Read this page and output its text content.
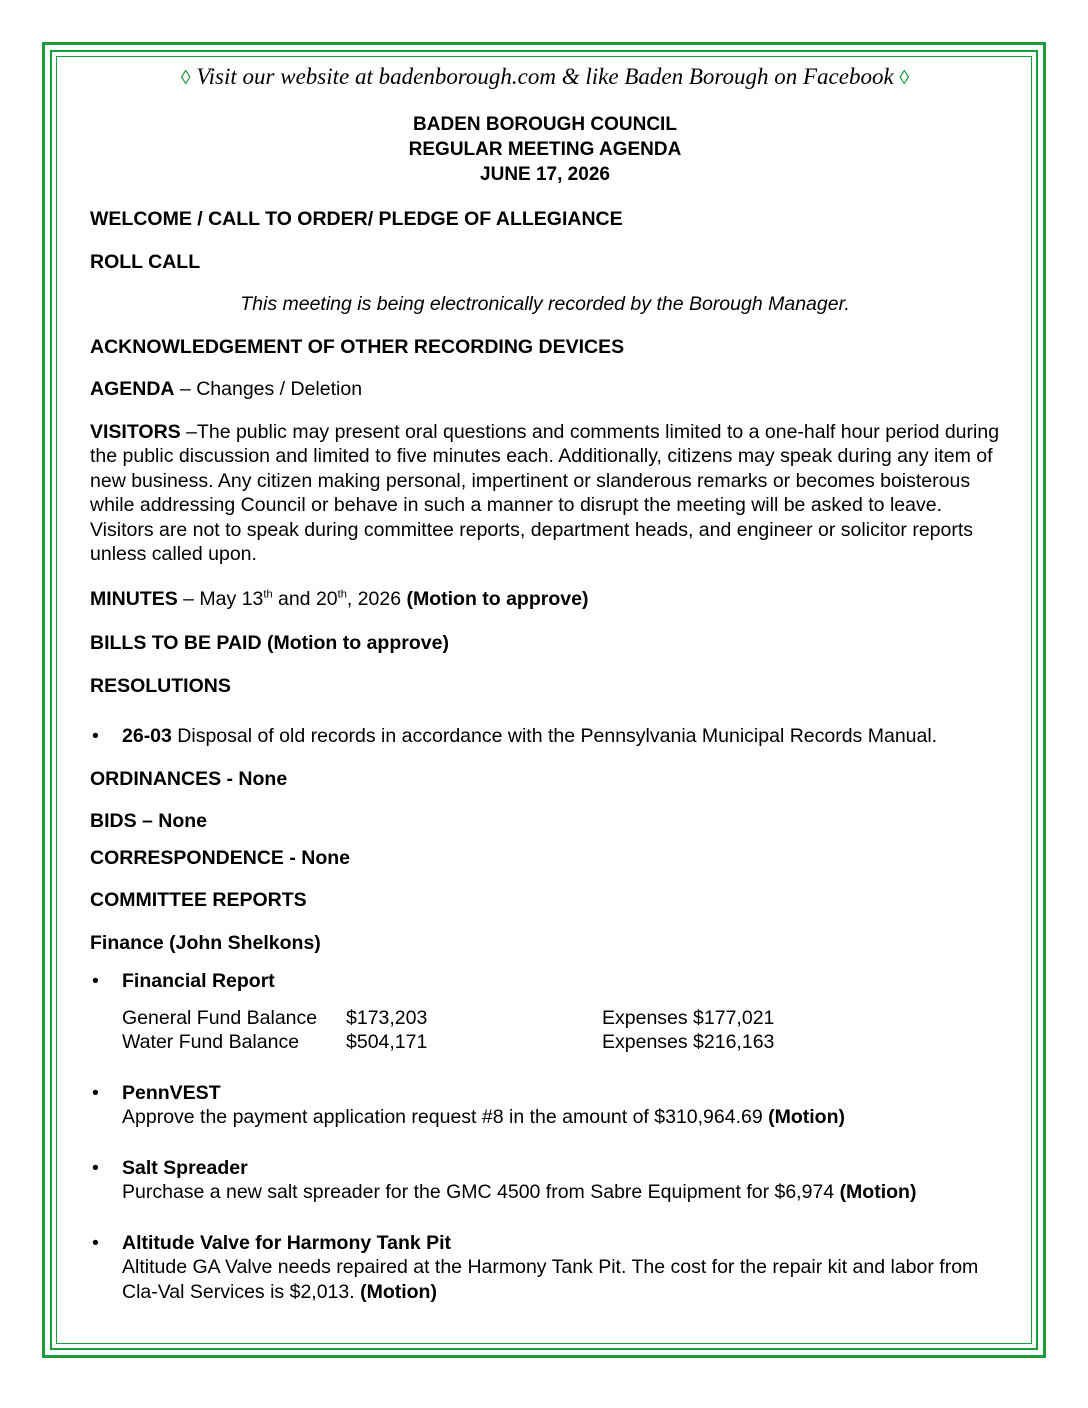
◊ Visit our website at badenborough.com & like Baden Borough on Facebook ◊
BADEN BOROUGH COUNCIL
REGULAR MEETING AGENDA
JUNE 17, 2026
WELCOME / CALL TO ORDER/ PLEDGE OF ALLEGIANCE
ROLL CALL
This meeting is being electronically recorded by the Borough Manager.
ACKNOWLEDGEMENT OF OTHER RECORDING DEVICES
AGENDA – Changes / Deletion
VISITORS –The public may present oral questions and comments limited to a one-half hour period during the public discussion and limited to five minutes each. Additionally, citizens may speak during any item of new business. Any citizen making personal, impertinent or slanderous remarks or becomes boisterous while addressing Council or behave in such a manner to disrupt the meeting will be asked to leave. Visitors are not to speak during committee reports, department heads, and engineer or solicitor reports unless called upon.
MINUTES – May 13th and 20th, 2026 (Motion to approve)
BILLS TO BE PAID (Motion to approve)
RESOLUTIONS
• 26-03 Disposal of old records in accordance with the Pennsylvania Municipal Records Manual.
ORDINANCES - None
BIDS – None
CORRESPONDENCE - None
COMMITTEE REPORTS
Finance (John Shelkons)
• Financial Report
General Fund Balance	$173,203	Expenses $177,021
Water Fund Balance	$504,171	Expenses $216,163
• PennVEST
Approve the payment application request #8 in the amount of $310,964.69 (Motion)
• Salt Spreader
Purchase a new salt spreader for the GMC 4500 from Sabre Equipment for $6,974 (Motion)
• Altitude Valve for Harmony Tank Pit
Altitude GA Valve needs repaired at the Harmony Tank Pit. The cost for the repair kit and labor from Cla-Val Services is $2,013. (Motion)
